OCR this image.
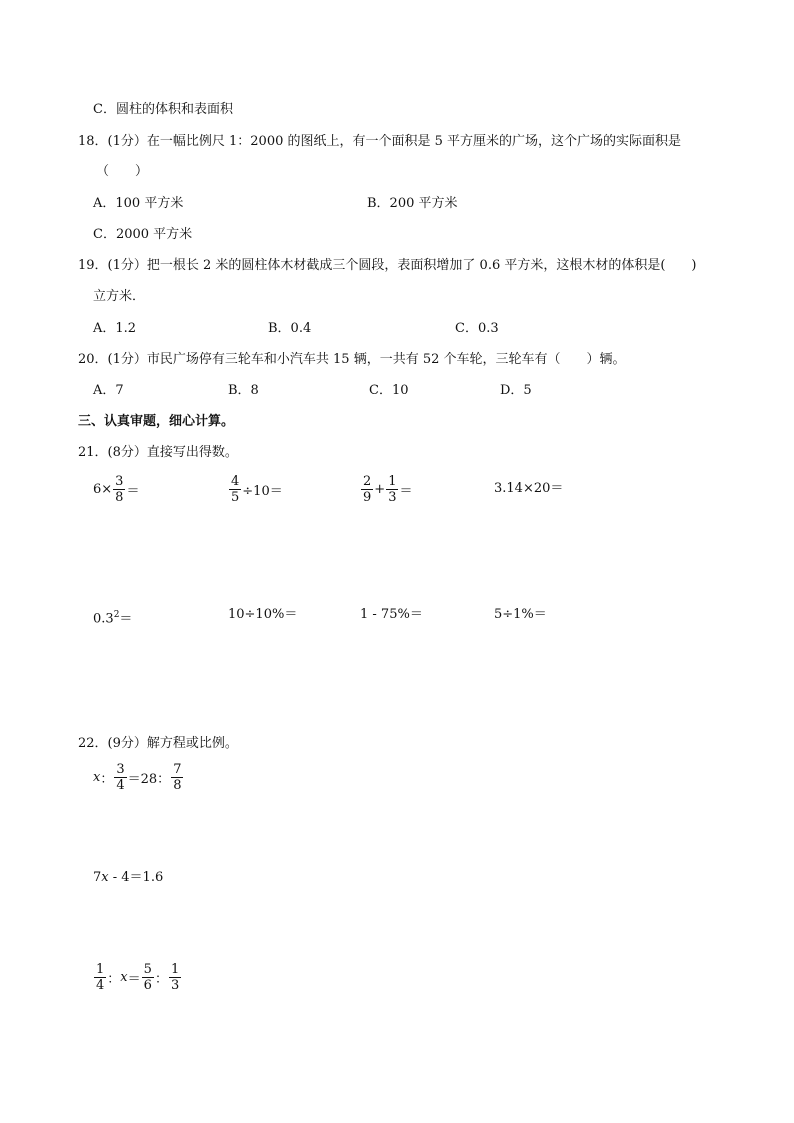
C．圆柱的体积和表面积
18．(1分）在一幅比例尺 1：2000 的图纸上，有一个面积是 5 平方厘米的广场，这个广场的实际面积是
（　　）
A．100 平方米	B．200 平方米
C．2000 平方米
19．(1分）把一根长 2 米的圆柱体木材截成三个圆段，表面积增加了 0.6 平方米，这根木材的体积是(　　)
立方米．
A．1.2	B．0.4	C．0.3
20．(1分）市民广场停有三轮车和小汽车共 15 辆，一共有 52 个车轮，三轮车有（　　）辆。
A．7	B．8	C．10	D．5
三、认真审题，细心计算。
21．(8分）直接写出得数。
$6\times \frac{3}{8}$ ＝	$\frac{4}{5} \div 10=$	$\frac{2}{9} + \frac{1}{3}$ ＝	3.14×20＝
$0.3^2=$	10÷10%＝	1 - 75%＝	5÷1%＝
22．(9分）解方程或比例。
x ： $\frac{3}{4} =28$： $\frac{7}{8}$
7x - 4＝1.6
$\frac{1}{4}$ ： $x = \frac{5}{6}$ ： $\frac{1}{3}$
